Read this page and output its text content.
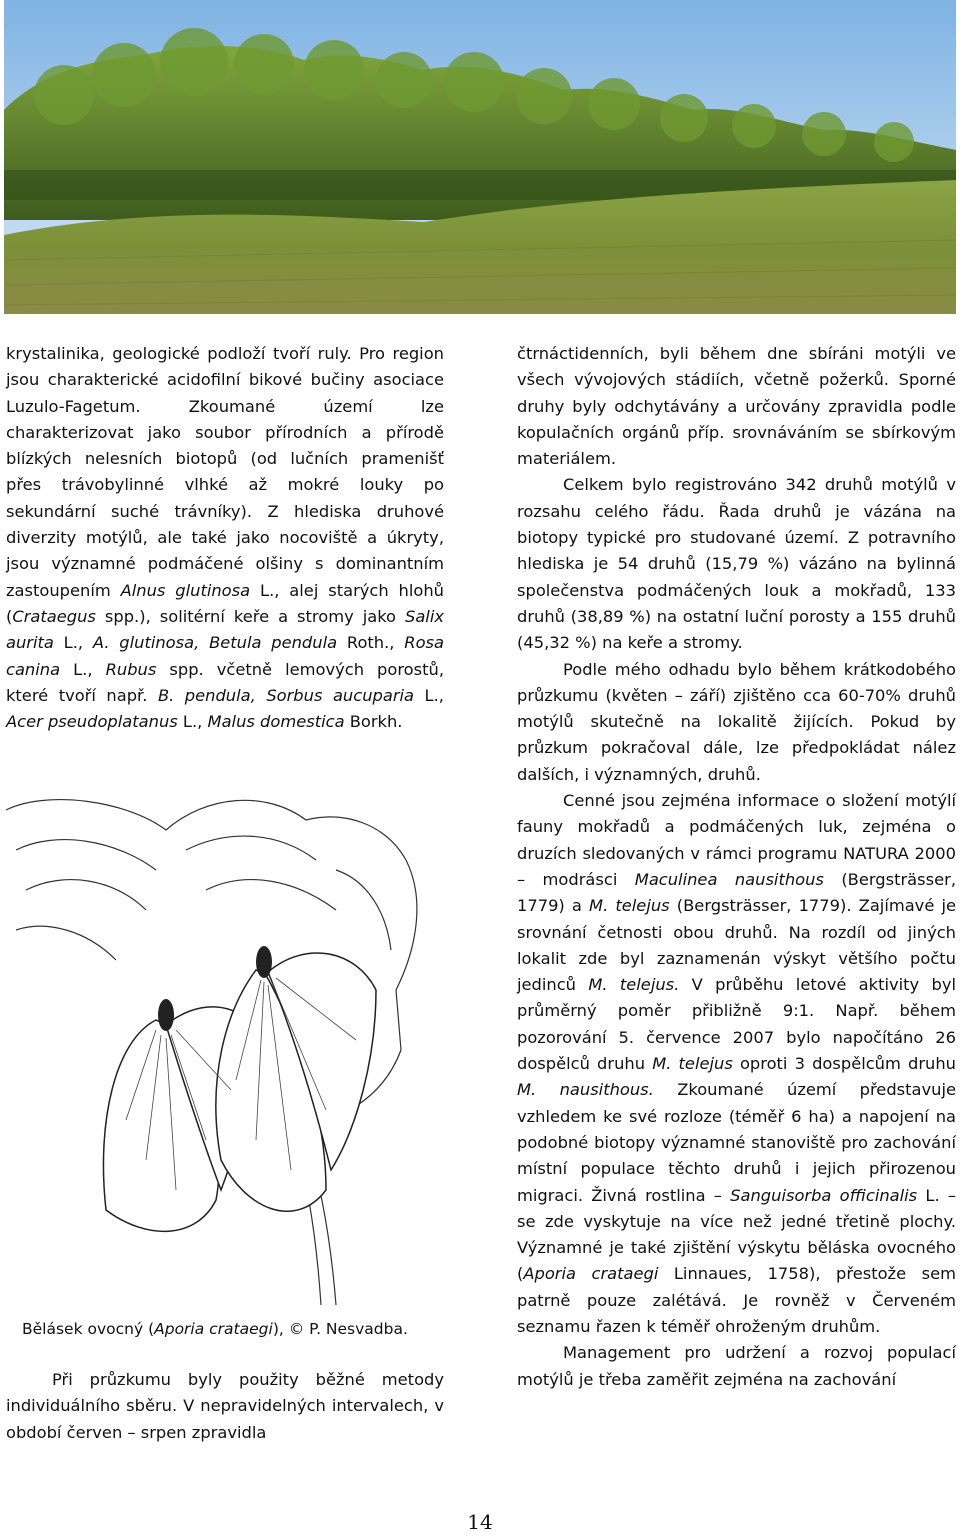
krystalinika, geologické podloží tvoří ruly. Pro region jsou charakterické acidofilní bikové bučiny asociace Luzulo-Fagetum. Zkoumané území lze charakterizovat jako soubor přírodních a přírodě blízkých nelesních biotopů (od lučních pramenišť přes trávobylinné vlhké až mokré louky po sekundární suché trávníky). Z hlediska druhové diverzity motýlů, ale také jako nocoviště a úkryty, jsou významné podmáčené olšiny s dominantním zastoupením Alnus glutinosa L., alej starých hlohů (Crataegus spp.), solitérní keře a stromy jako Salix aurita L., A. glutinosa, Betula pendula Roth., Rosa canina L., Rubus spp. včetně lemových porostů, které tvoří např. B. pendula, Sorbus aucuparia L., Acer pseudoplatanus L., Malus domestica Borkh.

Bělásek ovocný (Aporia crataegi), © P. Nesvadba.

Při průzkumu byly použity běžné metody individuálního sběru. V nepravidelných intervalech, v období červen – srpen zpravidla

čtrnáctidenních, byli během dne sbíráni motýli ve všech vývojových stádiích, včetně požerků. Sporné druhy byly odchytávány a určovány zpravidla podle kopulačních orgánů příp. srovnáváním se sbírkovým materiálem.

Celkem bylo registrováno 342 druhů motýlů v rozsahu celého řádu. Řada druhů je vázána na biotopy typické pro studované území. Z potravního hlediska je 54 druhů (15,79 %) vázáno na bylinná společenstva podmáčených louk a mokřadů, 133 druhů (38,89 %) na ostatní luční porosty a 155 druhů (45,32 %) na keře a stromy.

Podle mého odhadu bylo během krátkodobého průzkumu (květen – září) zjištěno cca 60-70% druhů motýlů skutečně na lokalitě žijících. Pokud by průzkum pokračoval dále, lze předpokládat nález dalších, i významných, druhů.

Cenné jsou zejména informace o složení motýlí fauny mokřadů a podmáčených luk, zejména o druzích sledovaných v rámci programu NATURA 2000 – modrásci Maculinea nausithous (Bergsträsser, 1779) a M. telejus (Bergsträsser, 1779). Zajímavé je srovnání četnosti obou druhů. Na rozdíl od jiných lokalit zde byl zaznamenán výskyt většího počtu jedinců M. telejus. V průběhu letové aktivity byl průměrný poměr přibližně 9:1. Např. během pozorování 5. července 2007 bylo napočítáno 26 dospělců druhu M. telejus oproti 3 dospělcům druhu M. nausithous. Zkoumané území představuje vzhledem ke své rozloze (téměř 6 ha) a napojení na podobné biotopy významné stanoviště pro zachování místní populace těchto druhů i jejich přirozenou migraci. Živná rostlina – Sanguisorba officinalis L. – se zde vyskytuje na více než jedné třetině plochy. Významné je také zjištění výskytu běláska ovocného (Aporia crataegi Linnaues, 1758), přestože sem patrně pouze zalétává. Je rovněž v Červeném seznamu řazen k téměř ohroženým druhům.

Management pro udržení a rozvoj populací motýlů je třeba zaměřit zejména na zachování

14
